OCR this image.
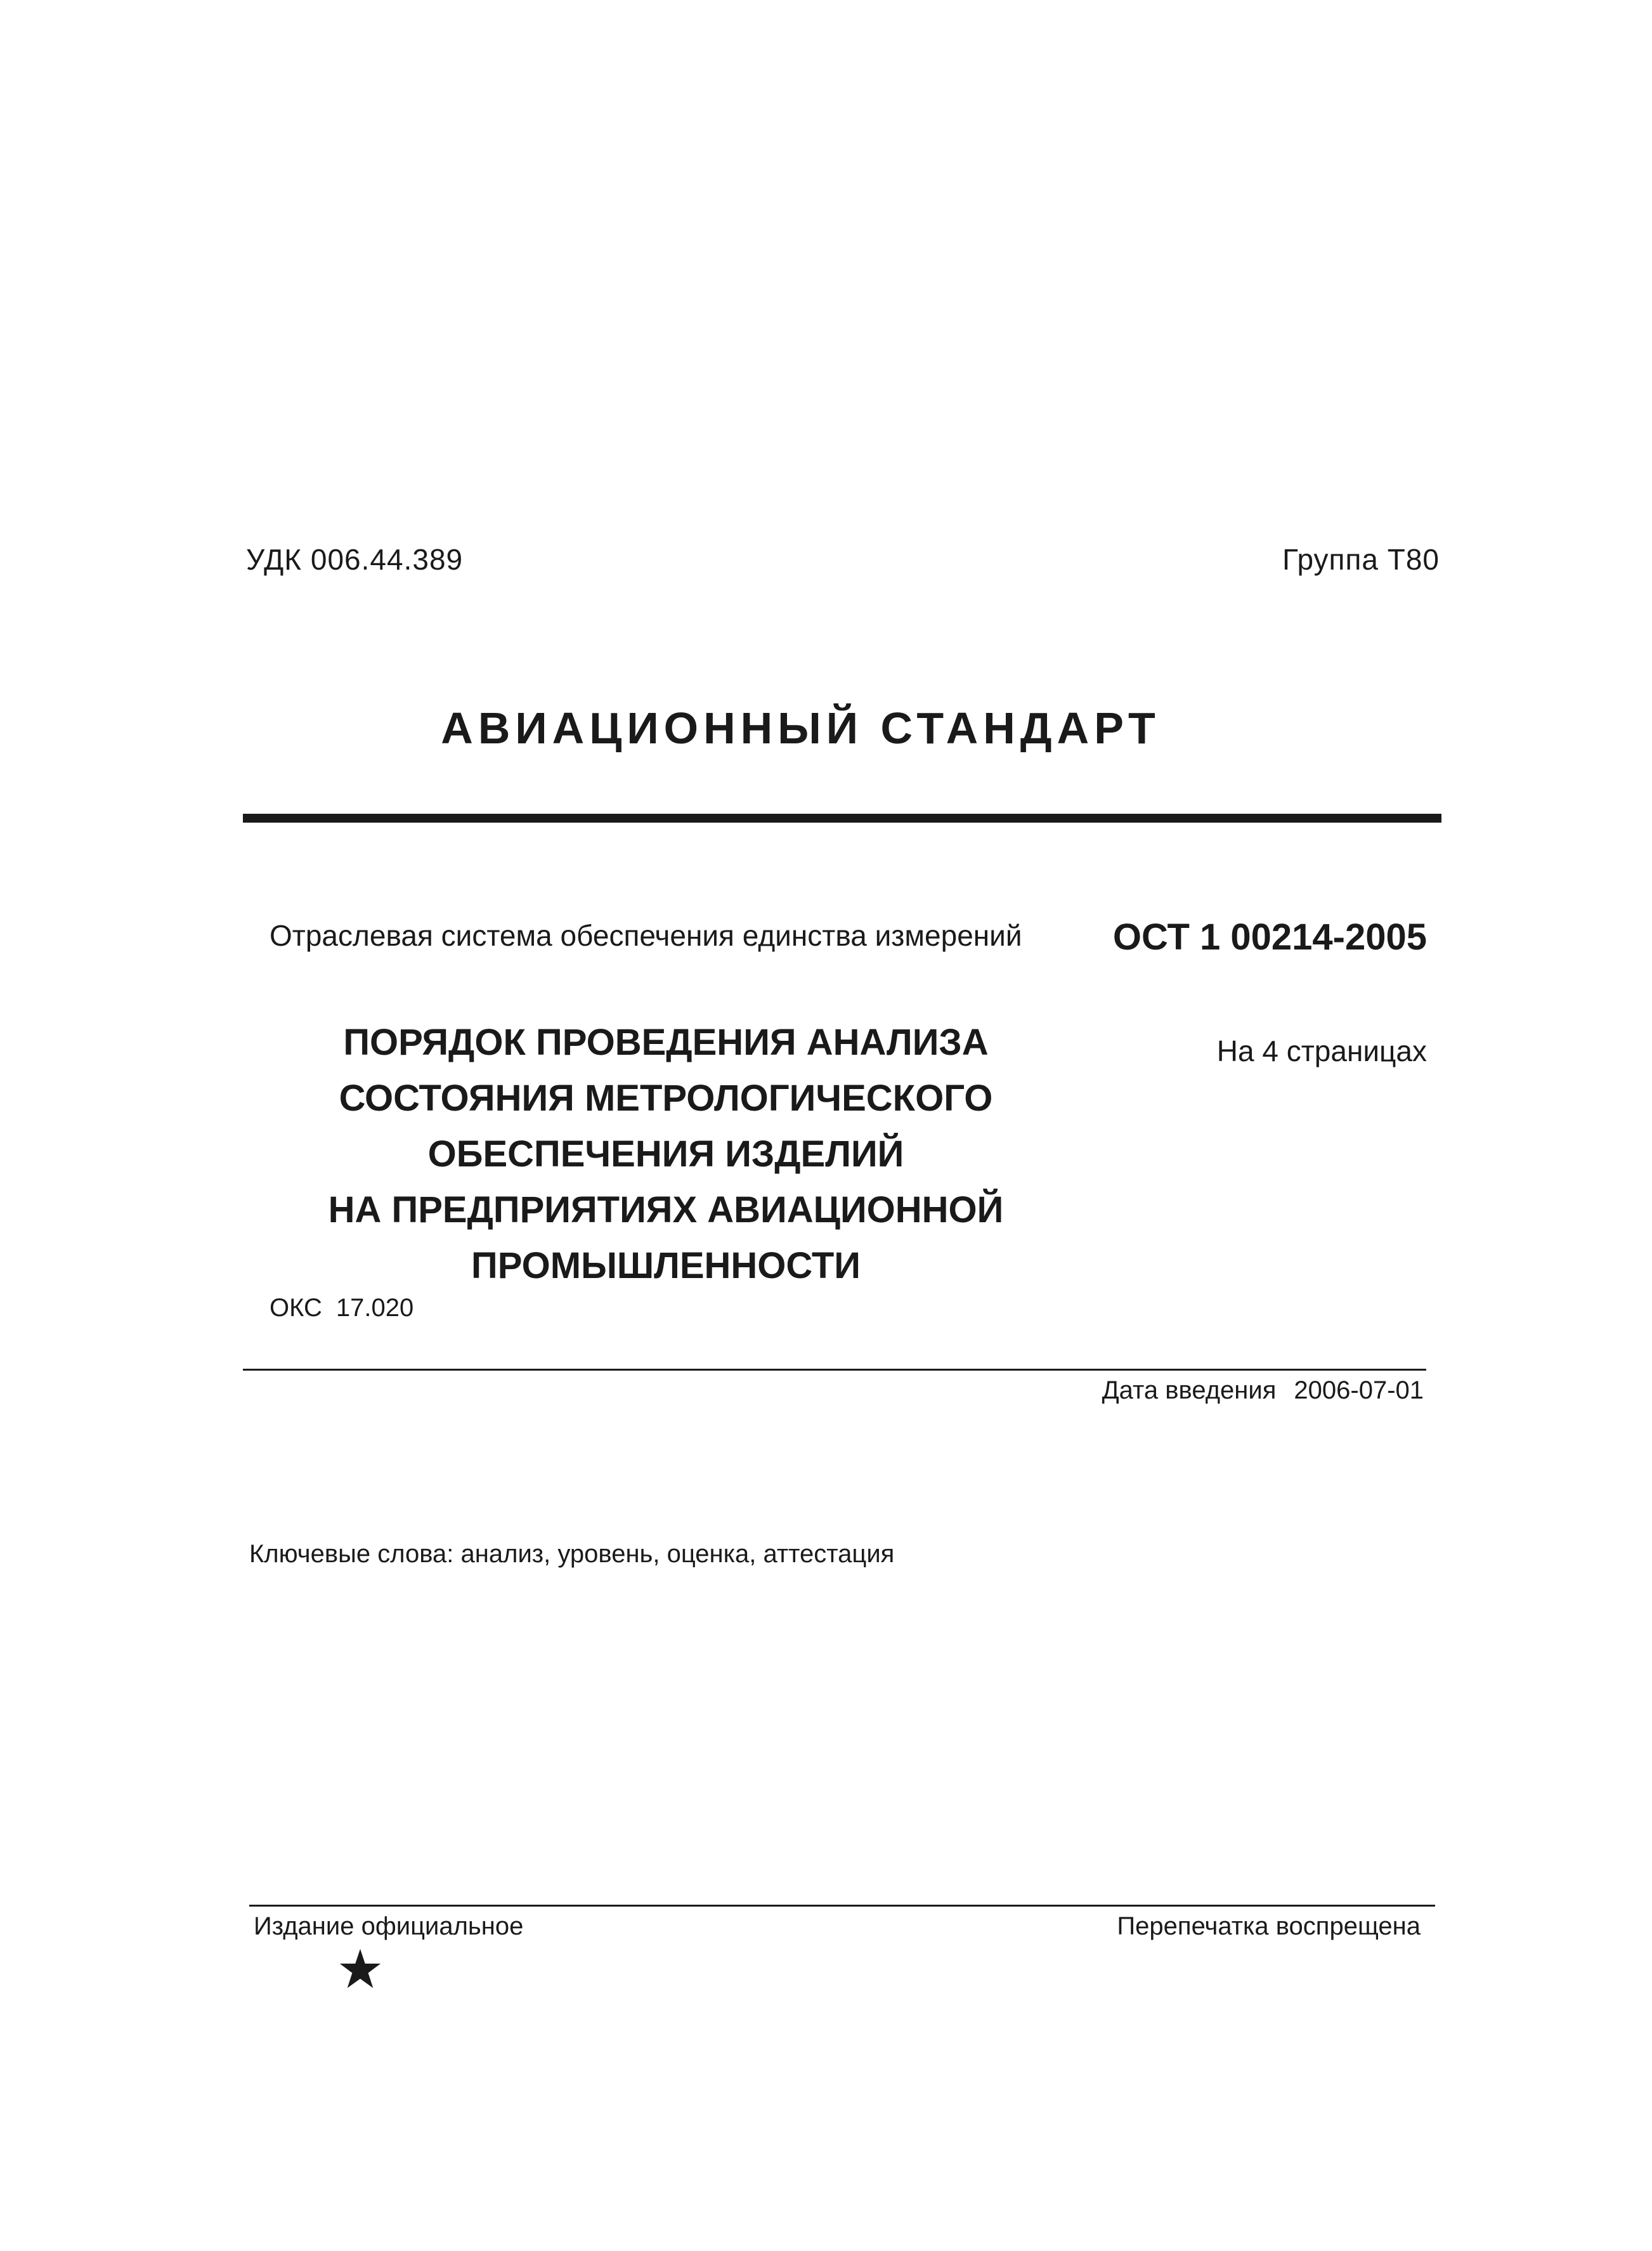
УДК 006.44.389	Группа Т80
АВИАЦИОННЫЙ СТАНДАРТ
Отраслевая система обеспечения единства измерений ОСТ 1 00214-2005
ПОРЯДОК ПРОВЕДЕНИЯ АНАЛИЗА
СОСТОЯНИЯ МЕТРОЛОГИЧЕСКОГО
ОБЕСПЕЧЕНИЯ ИЗДЕЛИЙ
НА ПРЕДПРИЯТИЯХ АВИАЦИОННОЙ
ПРОМЫШЛЕННОСТИ
На 4 страницах
ОКС 17.020
Дата введения 2006-07-01
Ключевые слова: анализ, уровень, оценка, аттестация
Издание официальное	Перепечатка воспрещена
